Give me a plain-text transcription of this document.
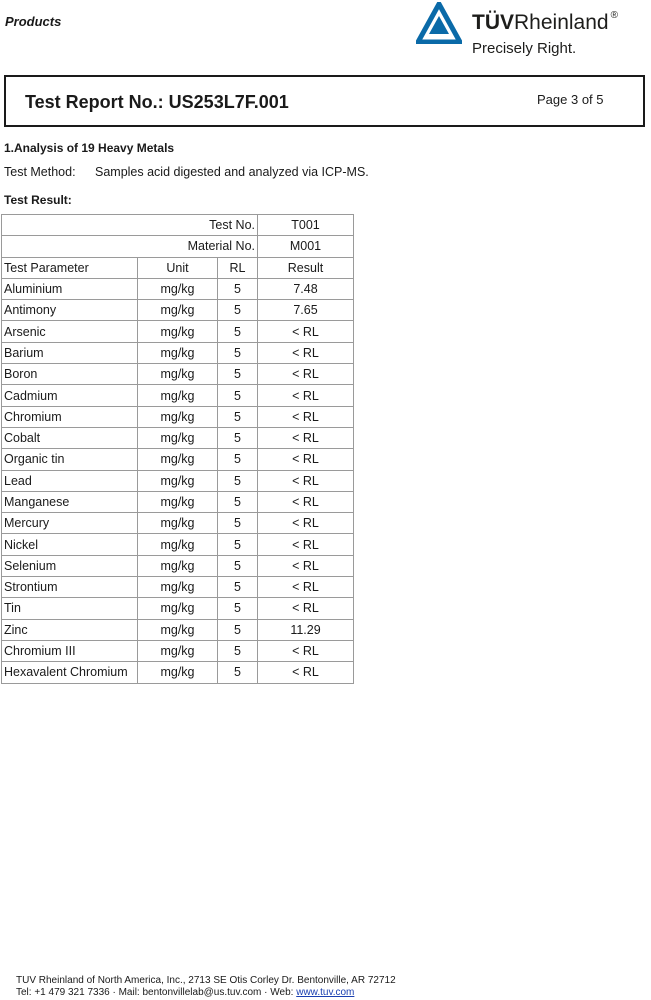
Products	TÜVRheinland ®
Precisely Right.
Test Report No.: US253L7F.001	Page 3 of 5
1.Analysis of 19 Heavy Metals
Test Method: Samples acid digested and analyzed via ICP-MS.
Test Result:
Test No.			T001
Material No.			M001
Test Parameter	Unit	RL	Result
Aluminium	mg/kg	5	7.48
Antimony	mg/kg	5	7.65
Arsenic	mg/kg	5	< RL
Barium	mg/kg	5	< RL
Boron	mg/kg	5	< RL
Cadmium	mg/kg	5	< RL
Chromium	mg/kg	5	< RL
Cobalt	mg/kg	5	< RL
Organic tin	mg/kg	5	< RL
Lead	mg/kg	5	< RL
Manganese	mg/kg	5	< RL
Mercury	mg/kg	5	< RL
Nickel	mg/kg	5	< RL
Selenium	mg/kg	5	< RL
Strontium	mg/kg	5	< RL
Tin	mg/kg	5	< RL
Zinc	mg/kg	5	11.29
Chromium III	mg/kg	5	< RL
Hexavalent Chromium	mg/kg	5	< RL
TUV Rheinland of North America, Inc., 2713 SE Otis Corley Dr. Bentonville, AR 72712
Tel: +1 479 321 7336 · Mail: bentonvillelab@us.tuv.com · Web: www.tuv.com
